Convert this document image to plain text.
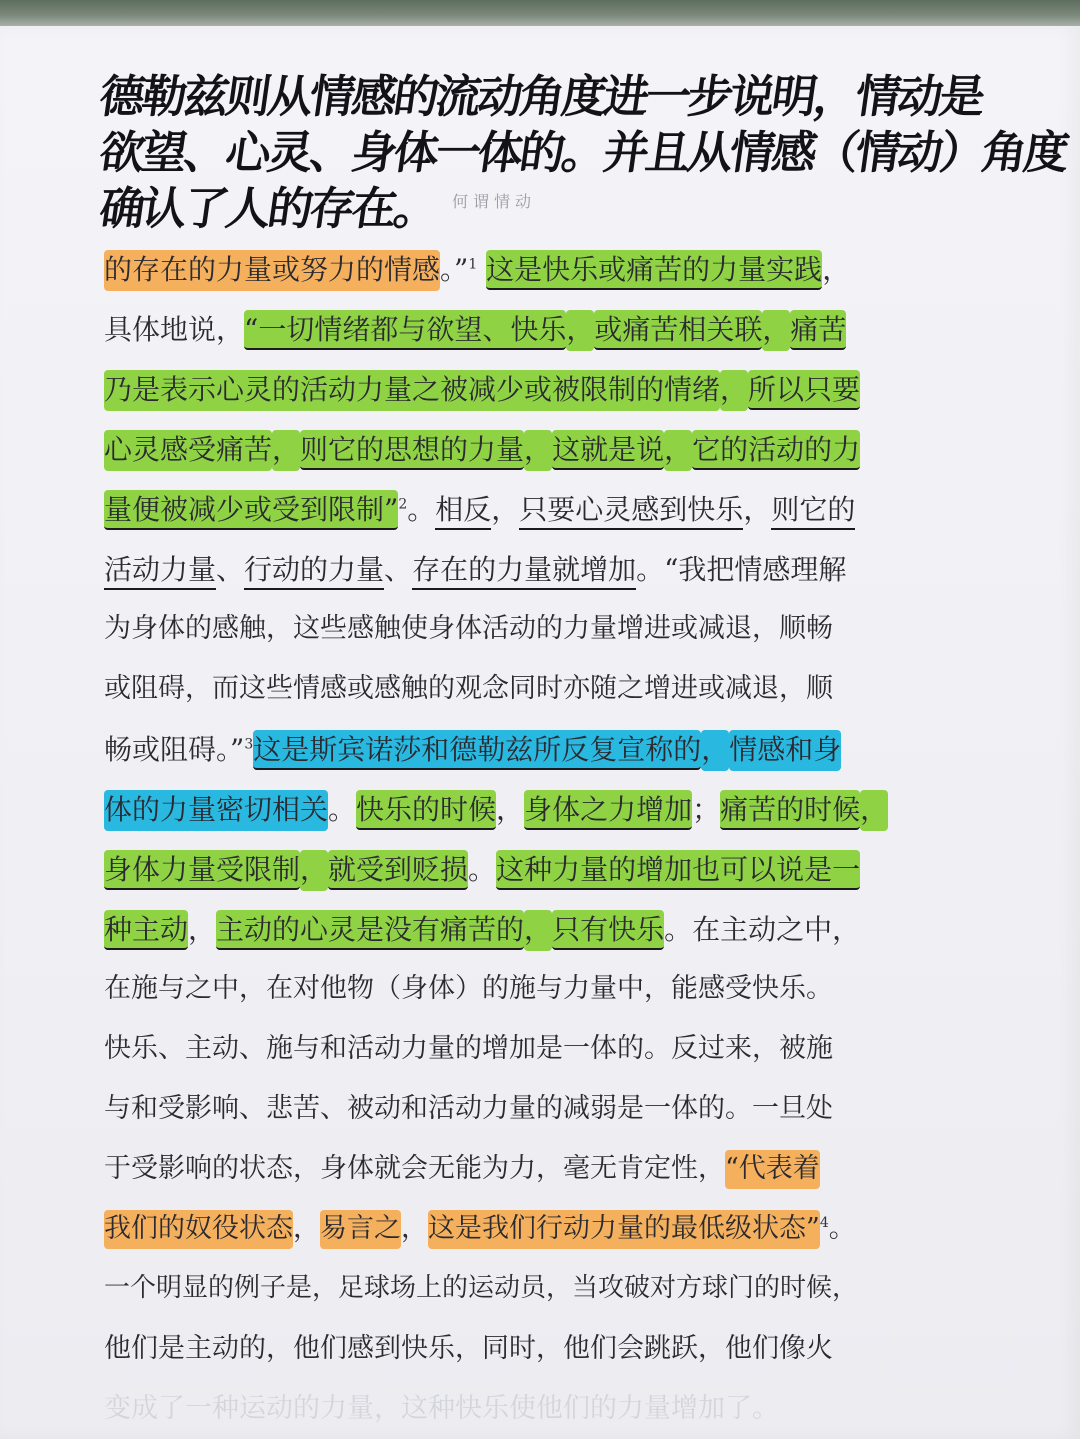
德勒兹则从情感的流动角度进一步说明，情动是
欲望、心灵、身体一体的。并且从情感（情动）角度
何谓情动
确认了人的存在。
的存在的力量或努力的情感。”$^1$ 这是快乐或痛苦的力量实践，
具体地说，“一切情绪都与欲望、快乐，或痛苦相关联，痛苦
乃是表示心灵的活动力量之被减少或被限制的情绪，所以只要
心灵感受痛苦，则它的思想的力量，这就是说，它的活动的力
量便被减少或受到限制”$^2$。相反，只要心灵感到快乐，则它的
活动力量、行动的力量、存在的力量就增加。“我把情感理解
为身体的感触，这些感触使身体活动的力量增进或减退，顺畅
或阻碍，而这些情感或感触的观念同时亦随之增进或减退，顺
畅或阻碍。”$^3$这是斯宾诺莎和德勒兹所反复宣称的，情感和身
体的力量密切相关。快乐的时候，身体之力增加；痛苦的时候，
身体力量受限制，就受到贬损。这种力量的增加也可以说是一
种主动，主动的心灵是没有痛苦的，只有快乐。在主动之中，
在施与之中，在对他物（身体）的施与力量中，能感受快乐。
快乐、主动、施与和活动力量的增加是一体的。反过来，被施
与和受影响、悲苦、被动和活动力量的减弱是一体的。一旦处
于受影响的状态，身体就会无能为力，毫无肯定性，“代表着
我们的奴役状态，易言之，这是我们行动力量的最低级状态”$^4$。
一个明显的例子是，足球场上的运动员，当攻破对方球门的时候，
他们是主动的，他们感到快乐，同时，他们会跳跃，他们像火
变成了一种运动的力量，这种快乐使他们的力量增加了。
